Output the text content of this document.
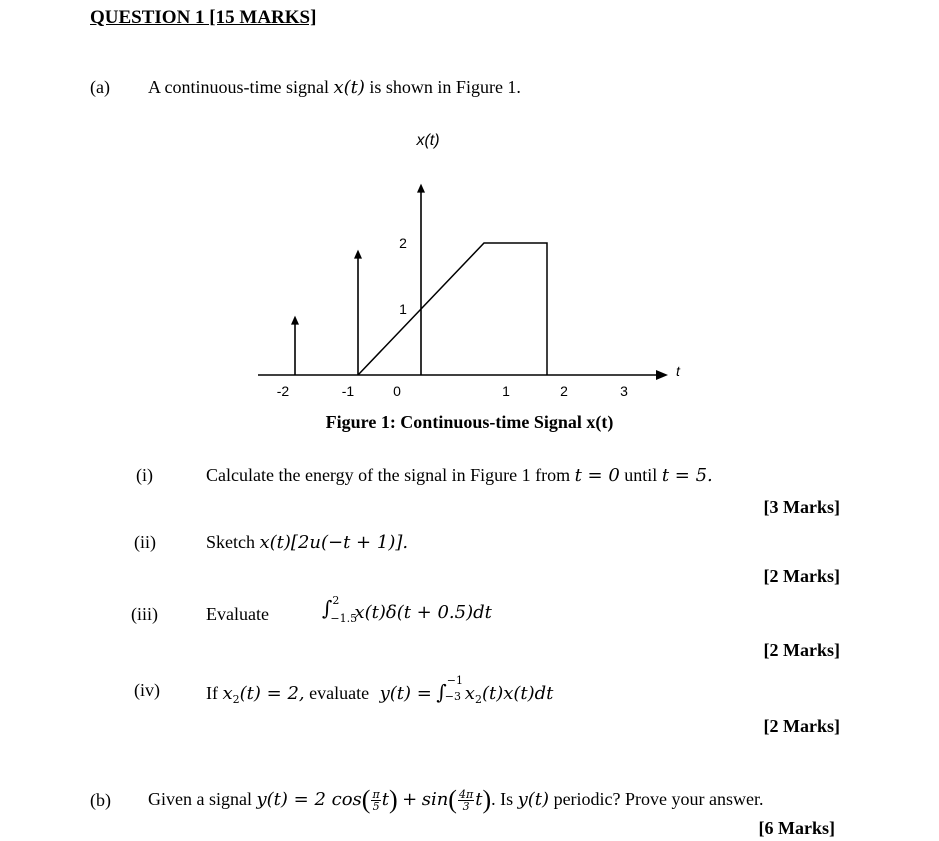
QUESTION 1 [15 MARKS]
(a) A continuous-time signal x(t) is shown in Figure 1.
t
x(t)
1
2
-2	-1	0	1	2	3
Figure 1: Continuous-time Signal x(t)
(i)	Calculate the energy of the signal in Figure 1 from t = 0 until t = 5.
[3 Marks]
(ii)	Sketch x(t)[2u(−t + 1)].
[2 Marks]
(iii)	Evaluate	∫ 2
−1.5
x(t)δ(t + 0.5)dt
[2 Marks]
(iv)	If $x_2(t) = 2$, evaluate y(t) = ∫ −1
−3 $x_2(t)x(t)dt$
[2 Marks]
(b) Given a signal y(t) = 2 $\cos( \frac{\pi}{5} t) + \sin( \frac{4\pi}{3} t)$. Is y(t) periodic? Prove your answer.
[6 Marks]
